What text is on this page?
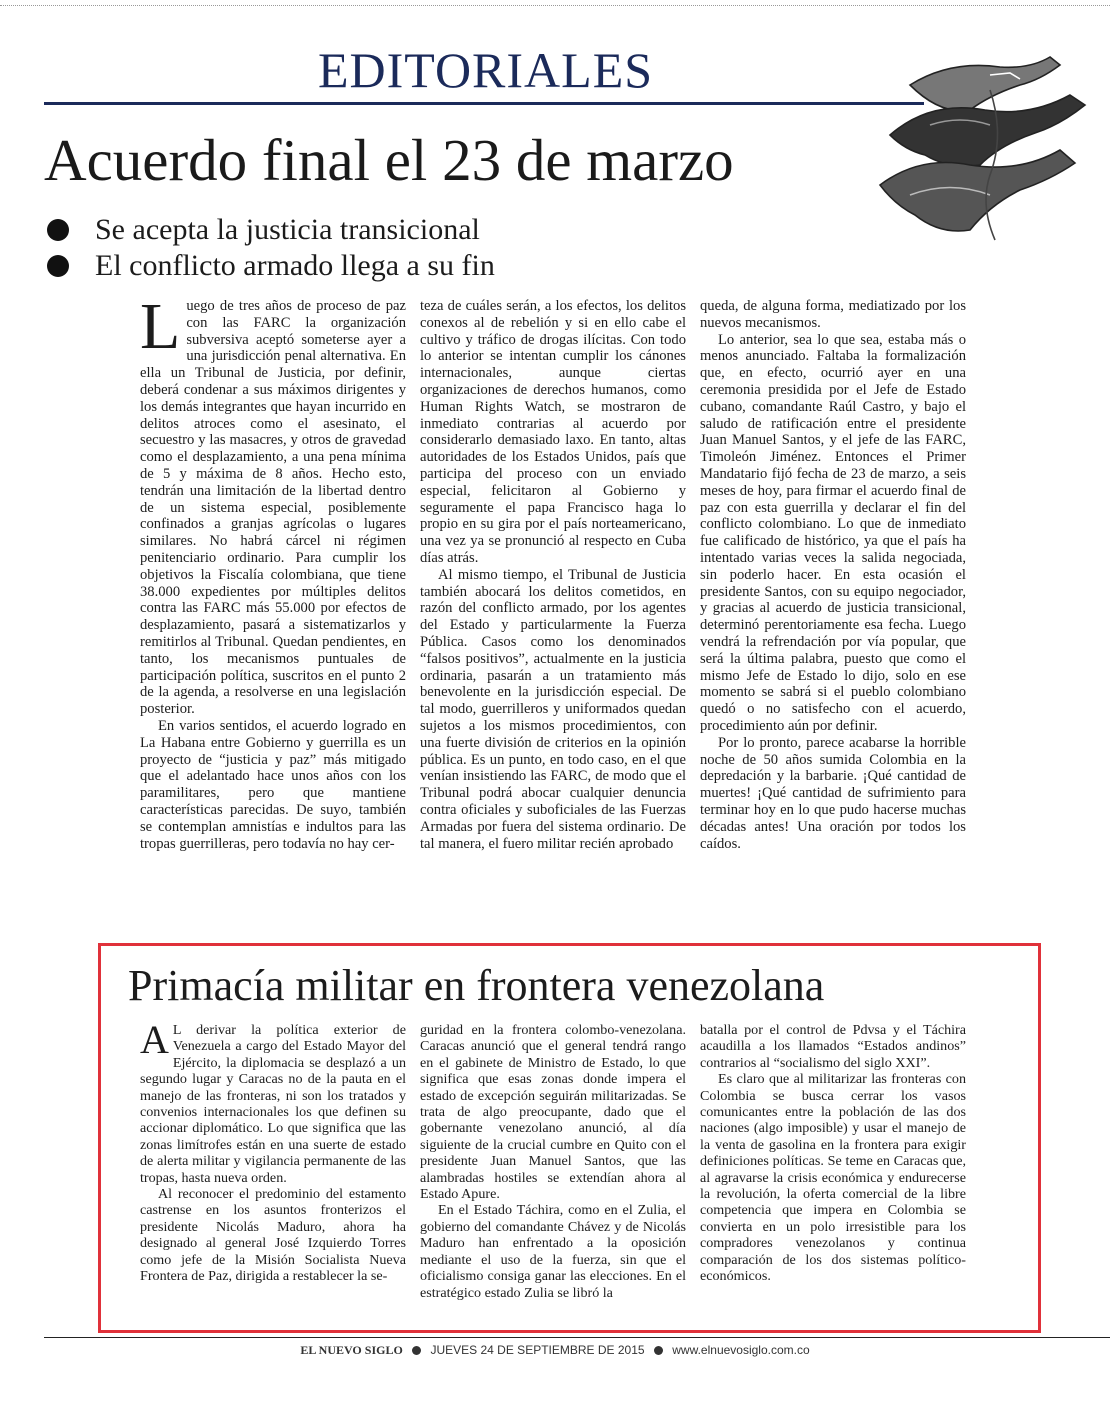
EDITORIALES
Acuerdo final el 23 de marzo
Se acepta la justicia transicional
El conflicto armado llega a su fin

Luego de tres años de proceso de paz con las FARC la organización subversiva aceptó someterse ayer a una jurisdicción penal alternativa. En ella un Tribunal de Justicia, por definir, deberá condenar a sus máximos dirigentes y los demás integrantes que hayan incurrido en delitos atroces como el asesinato, el secuestro y las masacres, y otros de gravedad como el desplazamiento, a una pena mínima de 5 y máxima de 8 años. Hecho esto, tendrán una limitación de la libertad dentro de un sistema especial, posiblemente confinados a granjas agrícolas o lugares similares. No habrá cárcel ni régimen penitenciario ordinario. Para cumplir los objetivos la Fiscalía colombiana, que tiene 38.000 expedientes por múltiples delitos contra las FARC más 55.000 por efectos de desplazamiento, pasará a sistematizarlos y remitirlos al Tribunal. Quedan pendientes, en tanto, los mecanismos puntuales de participación política, suscritos en el punto 2 de la agenda, a resolverse en una legislación posterior.

En varios sentidos, el acuerdo logrado en La Habana entre Gobierno y guerrilla es un proyecto de “justicia y paz” más mitigado que el adelantado hace unos años con los paramilitares, pero que mantiene características parecidas. De suyo, también se contemplan amnistías e indultos para las tropas guerrilleras, pero todavía no hay cer-

teza de cuáles serán, a los efectos, los delitos conexos al de rebelión y si en ello cabe el cultivo y tráfico de drogas ilícitas. Con todo lo anterior se intentan cumplir los cánones internacionales, aunque ciertas organizaciones de derechos humanos, como Human Rights Watch, se mostraron de inmediato contrarias al acuerdo por considerarlo demasiado laxo. En tanto, altas autoridades de los Estados Unidos, país que participa del proceso con un enviado especial, felicitaron al Gobierno y seguramente el papa Francisco haga lo propio en su gira por el país norteamericano, una vez ya se pronunció al respecto en Cuba días atrás.

Al mismo tiempo, el Tribunal de Justicia también abocará los delitos cometidos, en razón del conflicto armado, por los agentes del Estado y particularmente la Fuerza Pública. Casos como los denominados “falsos positivos”, actualmente en la justicia ordinaria, pasarán a un tratamiento más benevolente en la jurisdicción especial. De tal modo, guerrilleros y uniformados quedan sujetos a los mismos procedimientos, con una fuerte división de criterios en la opinión pública. Es un punto, en todo caso, en el que venían insistiendo las FARC, de modo que el Tribunal podrá abocar cualquier denuncia contra oficiales y suboficiales de las Fuerzas Armadas por fuera del sistema ordinario. De tal manera, el fuero militar recién aprobado

queda, de alguna forma, mediatizado por los nuevos mecanismos.

Lo anterior, sea lo que sea, estaba más o menos anunciado. Faltaba la formalización que, en efecto, ocurrió ayer en una ceremonia presidida por el Jefe de Estado cubano, comandante Raúl Castro, y bajo el saludo de ratificación entre el presidente Juan Manuel Santos, y el jefe de las FARC, Timoleón Jiménez. Entonces el Primer Mandatario fijó fecha de 23 de marzo, a seis meses de hoy, para firmar el acuerdo final de paz con esta guerrilla y declarar el fin del conflicto colombiano. Lo que de inmediato fue calificado de histórico, ya que el país ha intentado varias veces la salida negociada, sin poderlo hacer. En esta ocasión el presidente Santos, con su equipo negociador, y gracias al acuerdo de justicia transicional, determinó perentoriamente esa fecha. Luego vendrá la refrendación por vía popular, que será la última palabra, puesto que como el mismo Jefe de Estado lo dijo, solo en ese momento se sabrá si el pueblo colombiano quedó o no satisfecho con el acuerdo, procedimiento aún por definir.

Por lo pronto, parece acabarse la horrible noche de 50 años sumida Colombia en la depredación y la barbarie. ¡Qué cantidad de muertes! ¡Qué cantidad de sufrimiento para terminar hoy en lo que pudo hacerse muchas décadas antes! Una oración por todos los caídos.

Primacía militar en frontera venezolana

A L derivar la política exterior de Venezuela a cargo del Estado Mayor del Ejército, la diplomacia se desplazó a un segundo lugar y Caracas no de la pauta en el manejo de las fronteras, ni son los tratados y convenios internacionales los que definen su accionar diplomático. Lo que significa que las zonas limítrofes están en una suerte de estado de alerta militar y vigilancia permanente de las tropas, hasta nueva orden.

Al reconocer el predominio del estamento castrense en los asuntos fronterizos el presidente Nicolás Maduro, ahora ha designado al general José Izquierdo Torres como jefe de la Misión Socialista Nueva Frontera de Paz, dirigida a restablecer la se-

guridad en la frontera colombo-venezolana. Caracas anunció que el general tendrá rango en el gabinete de Ministro de Estado, lo que significa que esas zonas donde impera el estado de excepción seguirán militarizadas. Se trata de algo preocupante, dado que el gobernante venezolano anunció, al día siguiente de la crucial cumbre en Quito con el presidente Juan Manuel Santos, que las alambradas hostiles se extendían ahora al Estado Apure.

En el Estado Táchira, como en el Zulia, el gobierno del comandante Chávez y de Nicolás Maduro han enfrentado a la oposición mediante el uso de la fuerza, sin que el oficialismo consiga ganar las elecciones. En el estratégico estado Zulia se libró la

batalla por el control de Pdvsa y el Táchira acaudilla a los llamados “Estados andinos” contrarios al “socialismo del siglo XXI”.

Es claro que al militarizar las fronteras con Colombia se busca cerrar los vasos comunicantes entre la población de las dos naciones (algo imposible) y usar el manejo de la venta de gasolina en la frontera para exigir definiciones políticas. Se teme en Caracas que, al agravarse la crisis económica y endurecerse la revolución, la oferta comercial de la libre competencia que impera en Colombia se convierta en un polo irresistible para los compradores venezolanos y continua comparación de los dos sistemas político-económicos.

EL NUEVO SIGLO JUEVES 24 DE SEPTIEMBRE DE 2015 www.elnuevosiglo.com.co
